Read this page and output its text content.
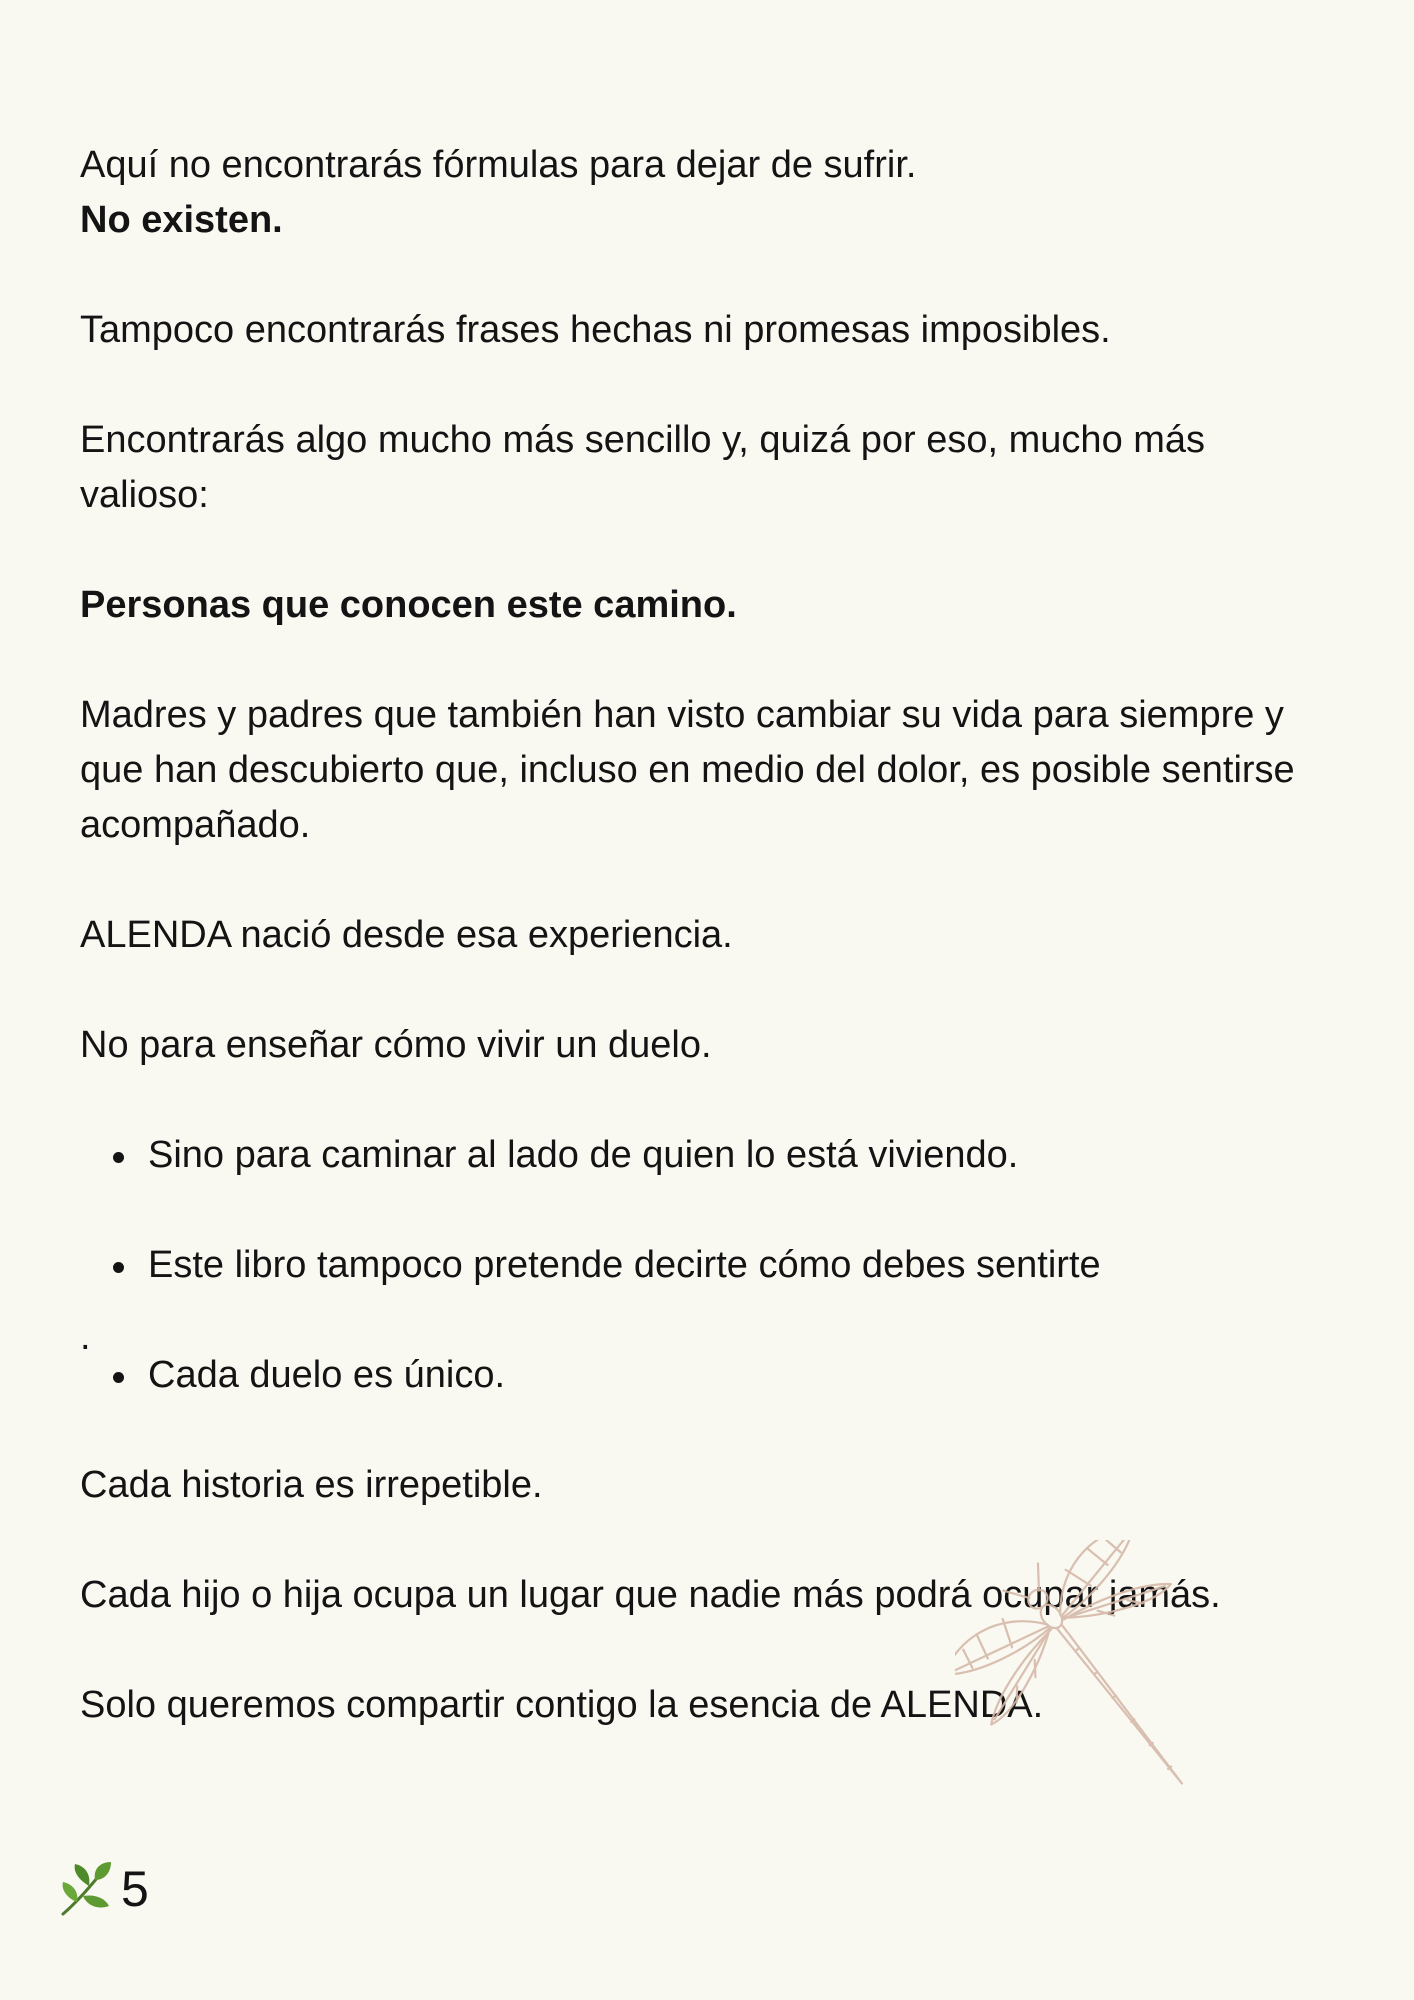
Aquí no encontrarás fórmulas para dejar de sufrir.

No existen.

Tampoco encontrarás frases hechas ni promesas imposibles.

Encontrarás algo mucho más sencillo y, quizá por eso, mucho más valioso:

Personas que conocen este camino.

Madres y padres que también han visto cambiar su vida para siempre y que han descubierto que, incluso en medio del dolor, es posible sentirse acompañado.

ALENDA nació desde esa experiencia.

No para enseñar cómo vivir un duelo.

Sino para caminar al lado de quien lo está viviendo.
Este libro tampoco pretende decirte cómo debes sentirte
Cada duelo es único.

Cada historia es irrepetible.

Cada hijo o hija ocupa un lugar que nadie más podrá ocupar jamás.

Solo queremos compartir contigo la esencia de ALENDA.

.
5
